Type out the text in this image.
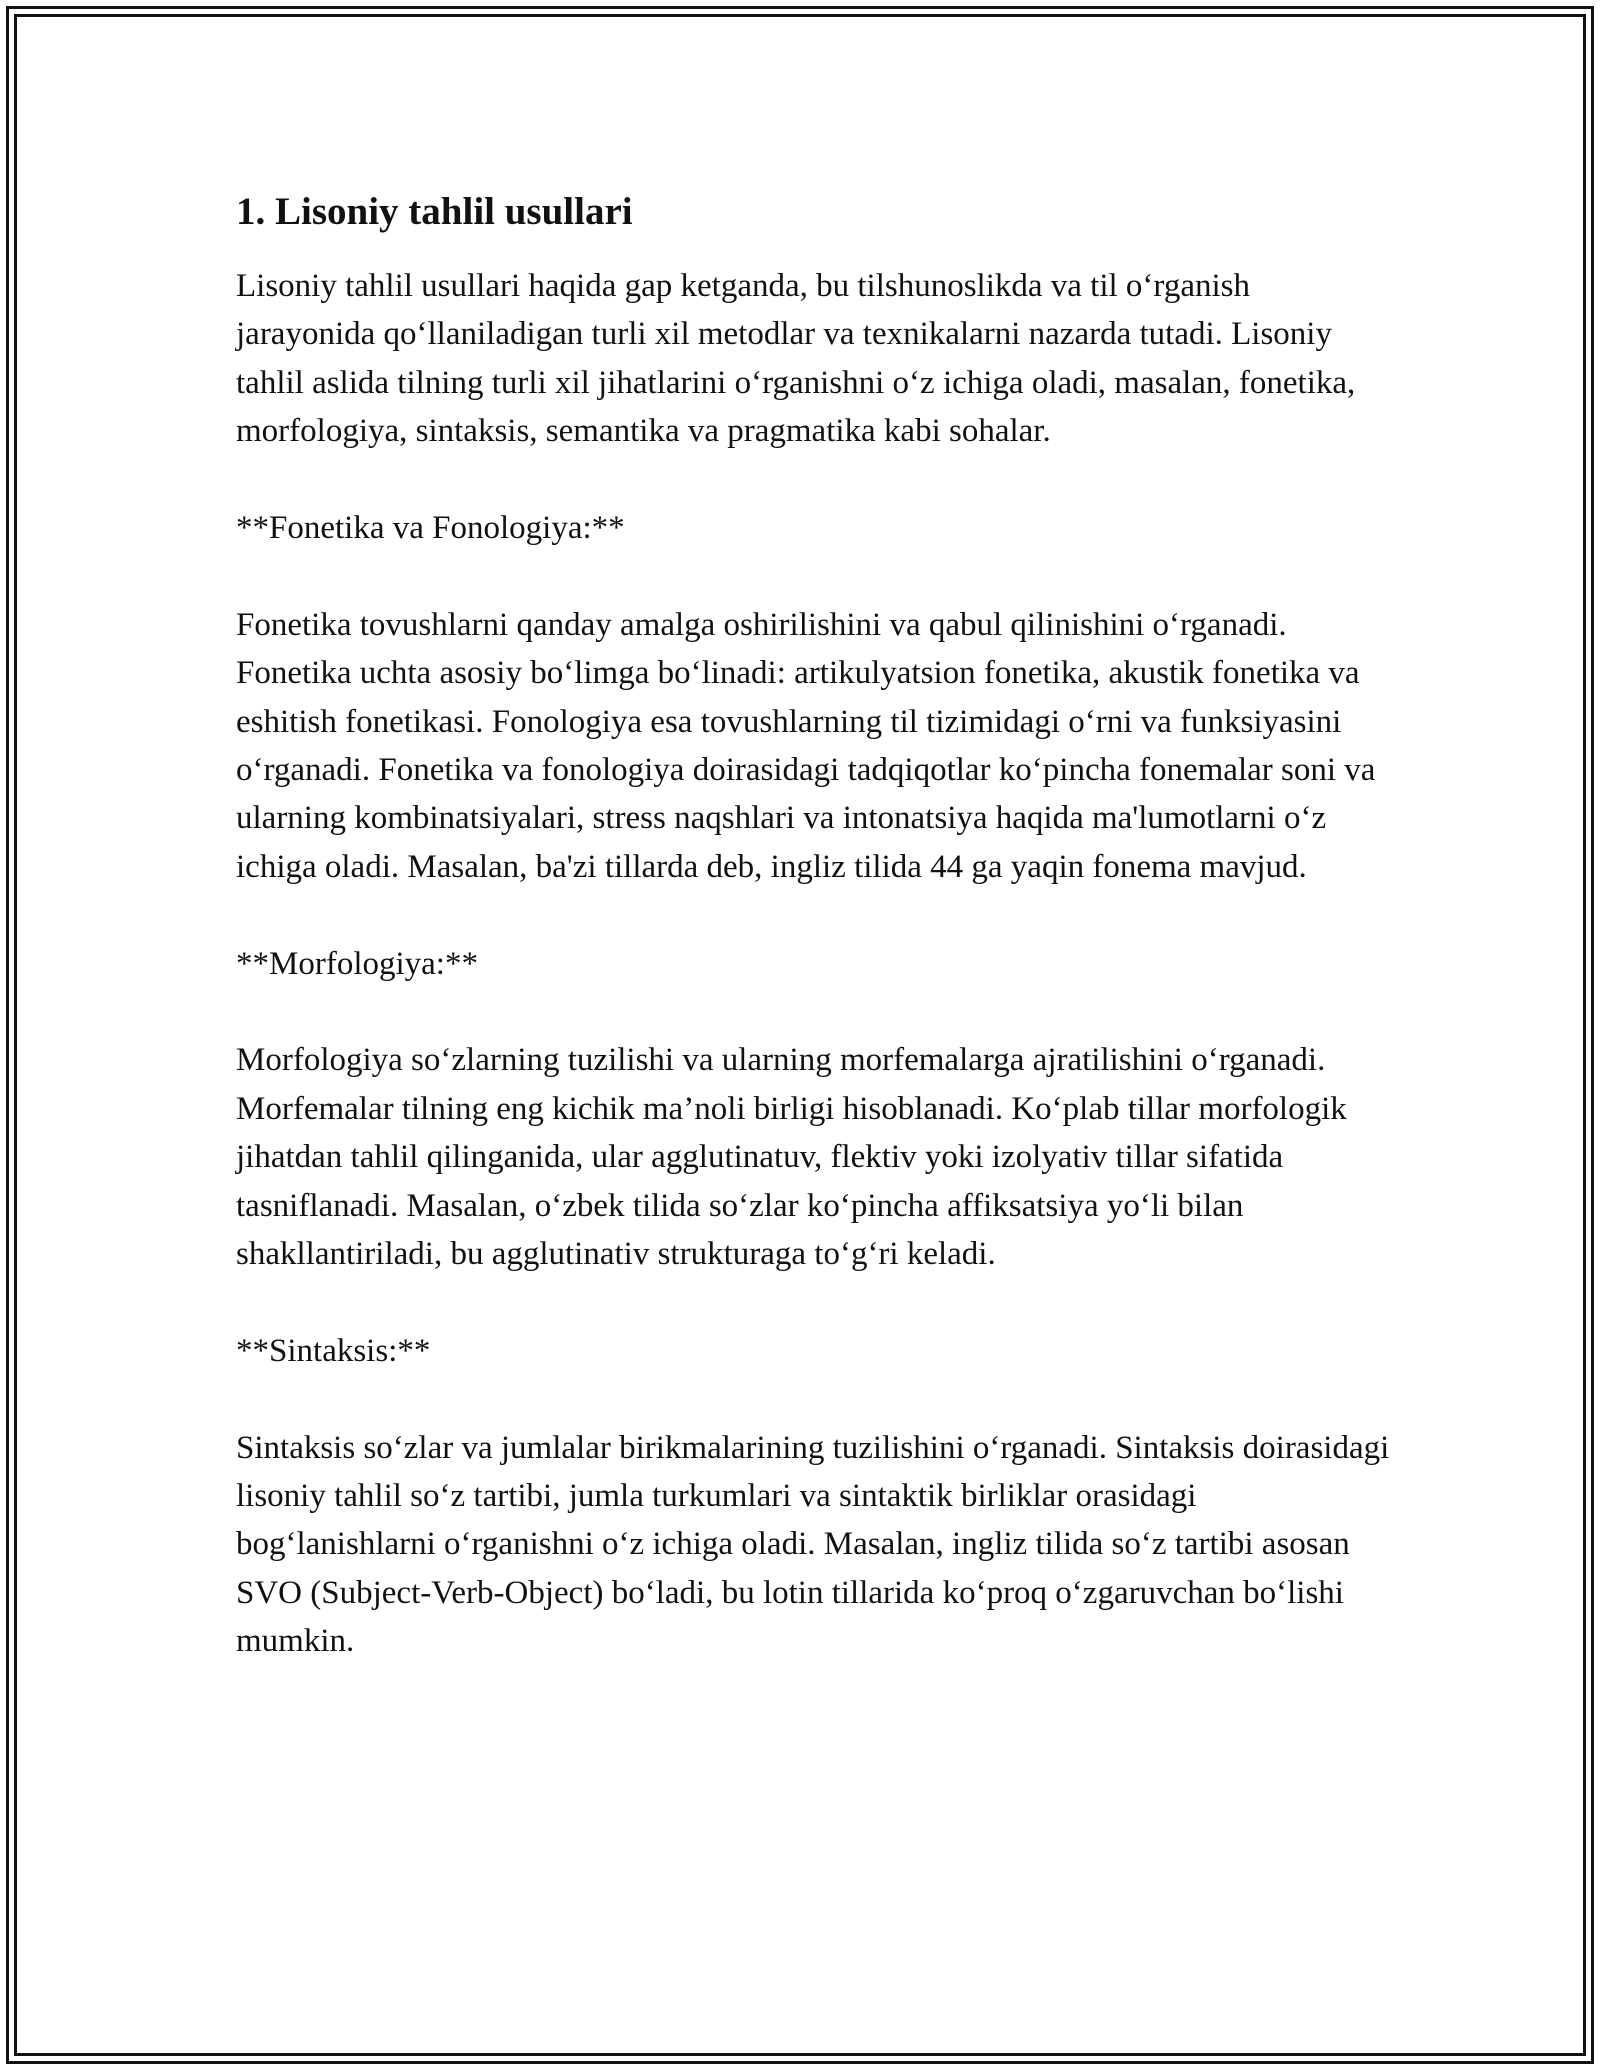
1. Lisoniy tahlil usullari

Lisoniy tahlil usullari haqida gap ketganda, bu tilshunoslikda va til o‘rganish jarayonida qo‘llaniladigan turli xil metodlar va texnikalarni nazarda tutadi. Lisoniy tahlil aslida tilning turli xil jihatlarini o‘rganishni o‘z ichiga oladi, masalan, fonetika, morfologiya, sintaksis, semantika va pragmatika kabi sohalar.

**Fonetika va Fonologiya:**

Fonetika tovushlarni qanday amalga oshirilishini va qabul qilinishini o‘rganadi. Fonetika uchta asosiy bo‘limga bo‘linadi: artikulyatsion fonetika, akustik fonetika va eshitish fonetikasi. Fonologiya esa tovushlarning til tizimidagi o‘rni va funksiyasini o‘rganadi. Fonetika va fonologiya doirasidagi tadqiqotlar ko‘pincha fonemalar soni va ularning kombinatsiyalari, stress naqshlari va intonatsiya haqida ma'lumotlarni o‘z ichiga oladi. Masalan, ba'zi tillarda deb, ingliz tilida 44 ga yaqin fonema mavjud.

**Morfologiya:**

Morfologiya so‘zlarning tuzilishi va ularning morfemalarga ajratilishini o‘rganadi. Morfemalar tilning eng kichik ma’noli birligi hisoblanadi. Ko‘plab tillar morfologik jihatdan tahlil qilinganida, ular agglutinatuv, flektiv yoki izolyativ tillar sifatida tasniflanadi. Masalan, o‘zbek tilida so‘zlar ko‘pincha affiksatsiya yo‘li bilan shakllantiriladi, bu agglutinativ strukturaga to‘g‘ri keladi.

**Sintaksis:**

Sintaksis so‘zlar va jumlalar birikmalarining tuzilishini o‘rganadi. Sintaksis doirasidagi lisoniy tahlil so‘z tartibi, jumla turkumlari va sintaktik birliklar orasidagi bog‘lanishlarni o‘rganishni o‘z ichiga oladi. Masalan, ingliz tilida so‘z tartibi asosan SVO (Subject-Verb-Object) bo‘ladi, bu lotin tillarida ko‘proq o‘zgaruvchan bo‘lishi mumkin.
